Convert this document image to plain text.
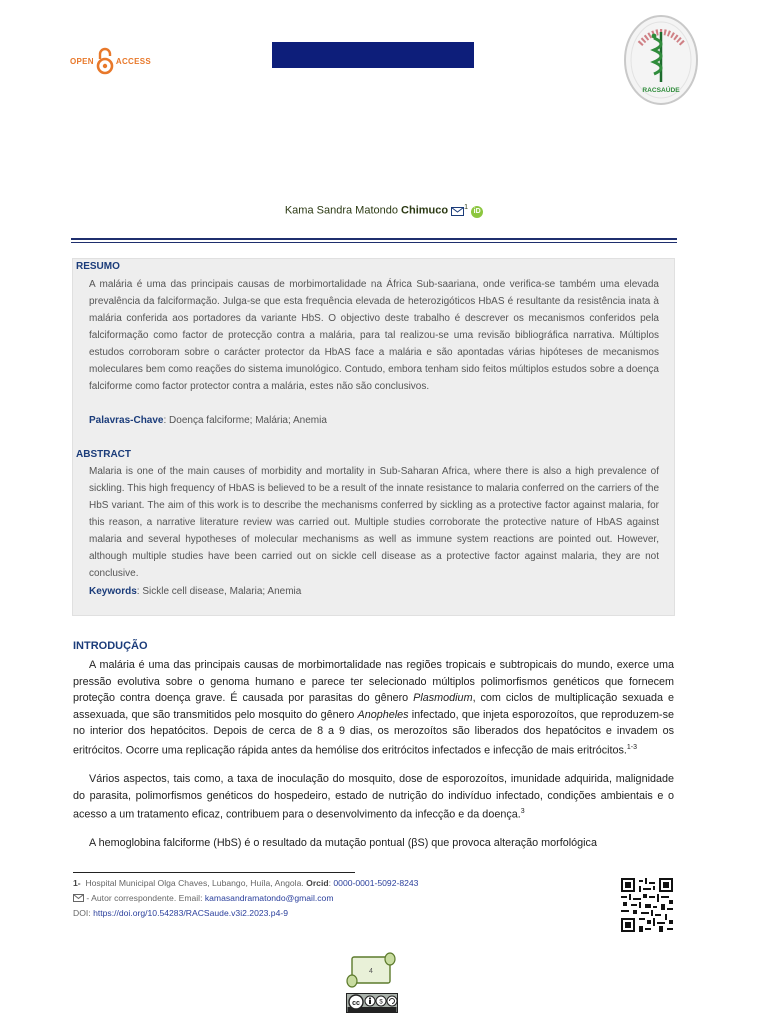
OPEN	ACCESS
RACSAÚDE
Kama Sandra Matondo Chimuco $^1$ iD
RESUMO
A malária é uma das principais causas de morbimortalidade na África Sub-saariana, onde verifica-se também uma elevada prevalência da falciformação. Julga-se que esta frequência elevada de heterozigóticos HbAS é resultante da resistência inata à malária conferida aos portadores da variante HbS. O objectivo deste trabalho é descrever os mecanismos conferidos pela falciformação como factor de protecção contra a malária, para tal realizou-se uma revisão bibliográfica narrativa. Múltiplos estudos corroboram sobre o carácter protector da HbAS face a malária e são apontadas várias hipóteses de mecanismos moleculares bem como reações do sistema imunológico. Contudo, embora tenham sido feitos múltiplos estudos sobre a doença falciforme como factor protector contra a malária, estes não são conclusivos.
Palavras-Chave: Doença falciforme; Malária; Anemia
ABSTRACT
Malaria is one of the main causes of morbidity and mortality in Sub-Saharan Africa, where there is also a high prevalence of sickling. This high frequency of HbAS is believed to be a result of the innate resistance to malaria conferred on the carriers of the HbS variant. The aim of this work is to describe the mechanisms conferred by sickling as a protective factor against malaria, for this reason, a narrative literature review was carried out. Multiple studies corroborate the protective nature of HbAS against malaria and several hypotheses of molecular mechanisms as well as immune system reactions are pointed out. However, although multiple studies have been carried out on sickle cell disease as a protective factor against malaria, they are not conclusive.
Keywords: Sickle cell disease, Malaria; Anemia
INTRODUÇÃO

A malária é uma das principais causas de morbimortalidade nas regiões tropicais e subtropicais do mundo, exerce uma pressão evolutiva sobre o genoma humano e parece ter selecionado múltiplos polimorfismos genéticos que fornecem proteção contra doença grave. É causada por parasitas do gênero Plasmodium, com ciclos de multiplicação sexuada e assexuada, que são transmitidos pelo mosquito do gênero Anopheles infectado, que injeta esporozoítos, que reproduzem-se no interior dos hepatócitos. Depois de cerca de 8 a 9 dias, os merozoítos são liberados dos hepatócitos e invadem os eritrócitos. Ocorre uma replicação rápida antes da hemólise dos eritrócitos infectados e infecção de mais eritrócitos.$^{1-3}$

Vários aspectos, tais como, a taxa de inoculação do mosquito, dose de esporozoítos, imunidade adquirida, malignidade do parasita, polimorfismos genéticos do hospedeiro, estado de nutrição do indivíduo infectado, condições ambientais e o acesso a um tratamento eficaz, contribuem para o desenvolvimento da infecção e da doença.$^3$

A hemoglobina falciforme (HbS) é o resultado da mutação pontual (βS) que provoca alteração morfológica

1- Hospital Municipal Olga Chaves, Lubango, Huíla, Angola. Orcid: 0000-0001-5092-8243
- Autor correspondente. Email: kamasandramatondo@gmail.com
DOI: https://doi.org/10.54283/RACSaude.v3i2.2023.p4-9
4
cc	$
